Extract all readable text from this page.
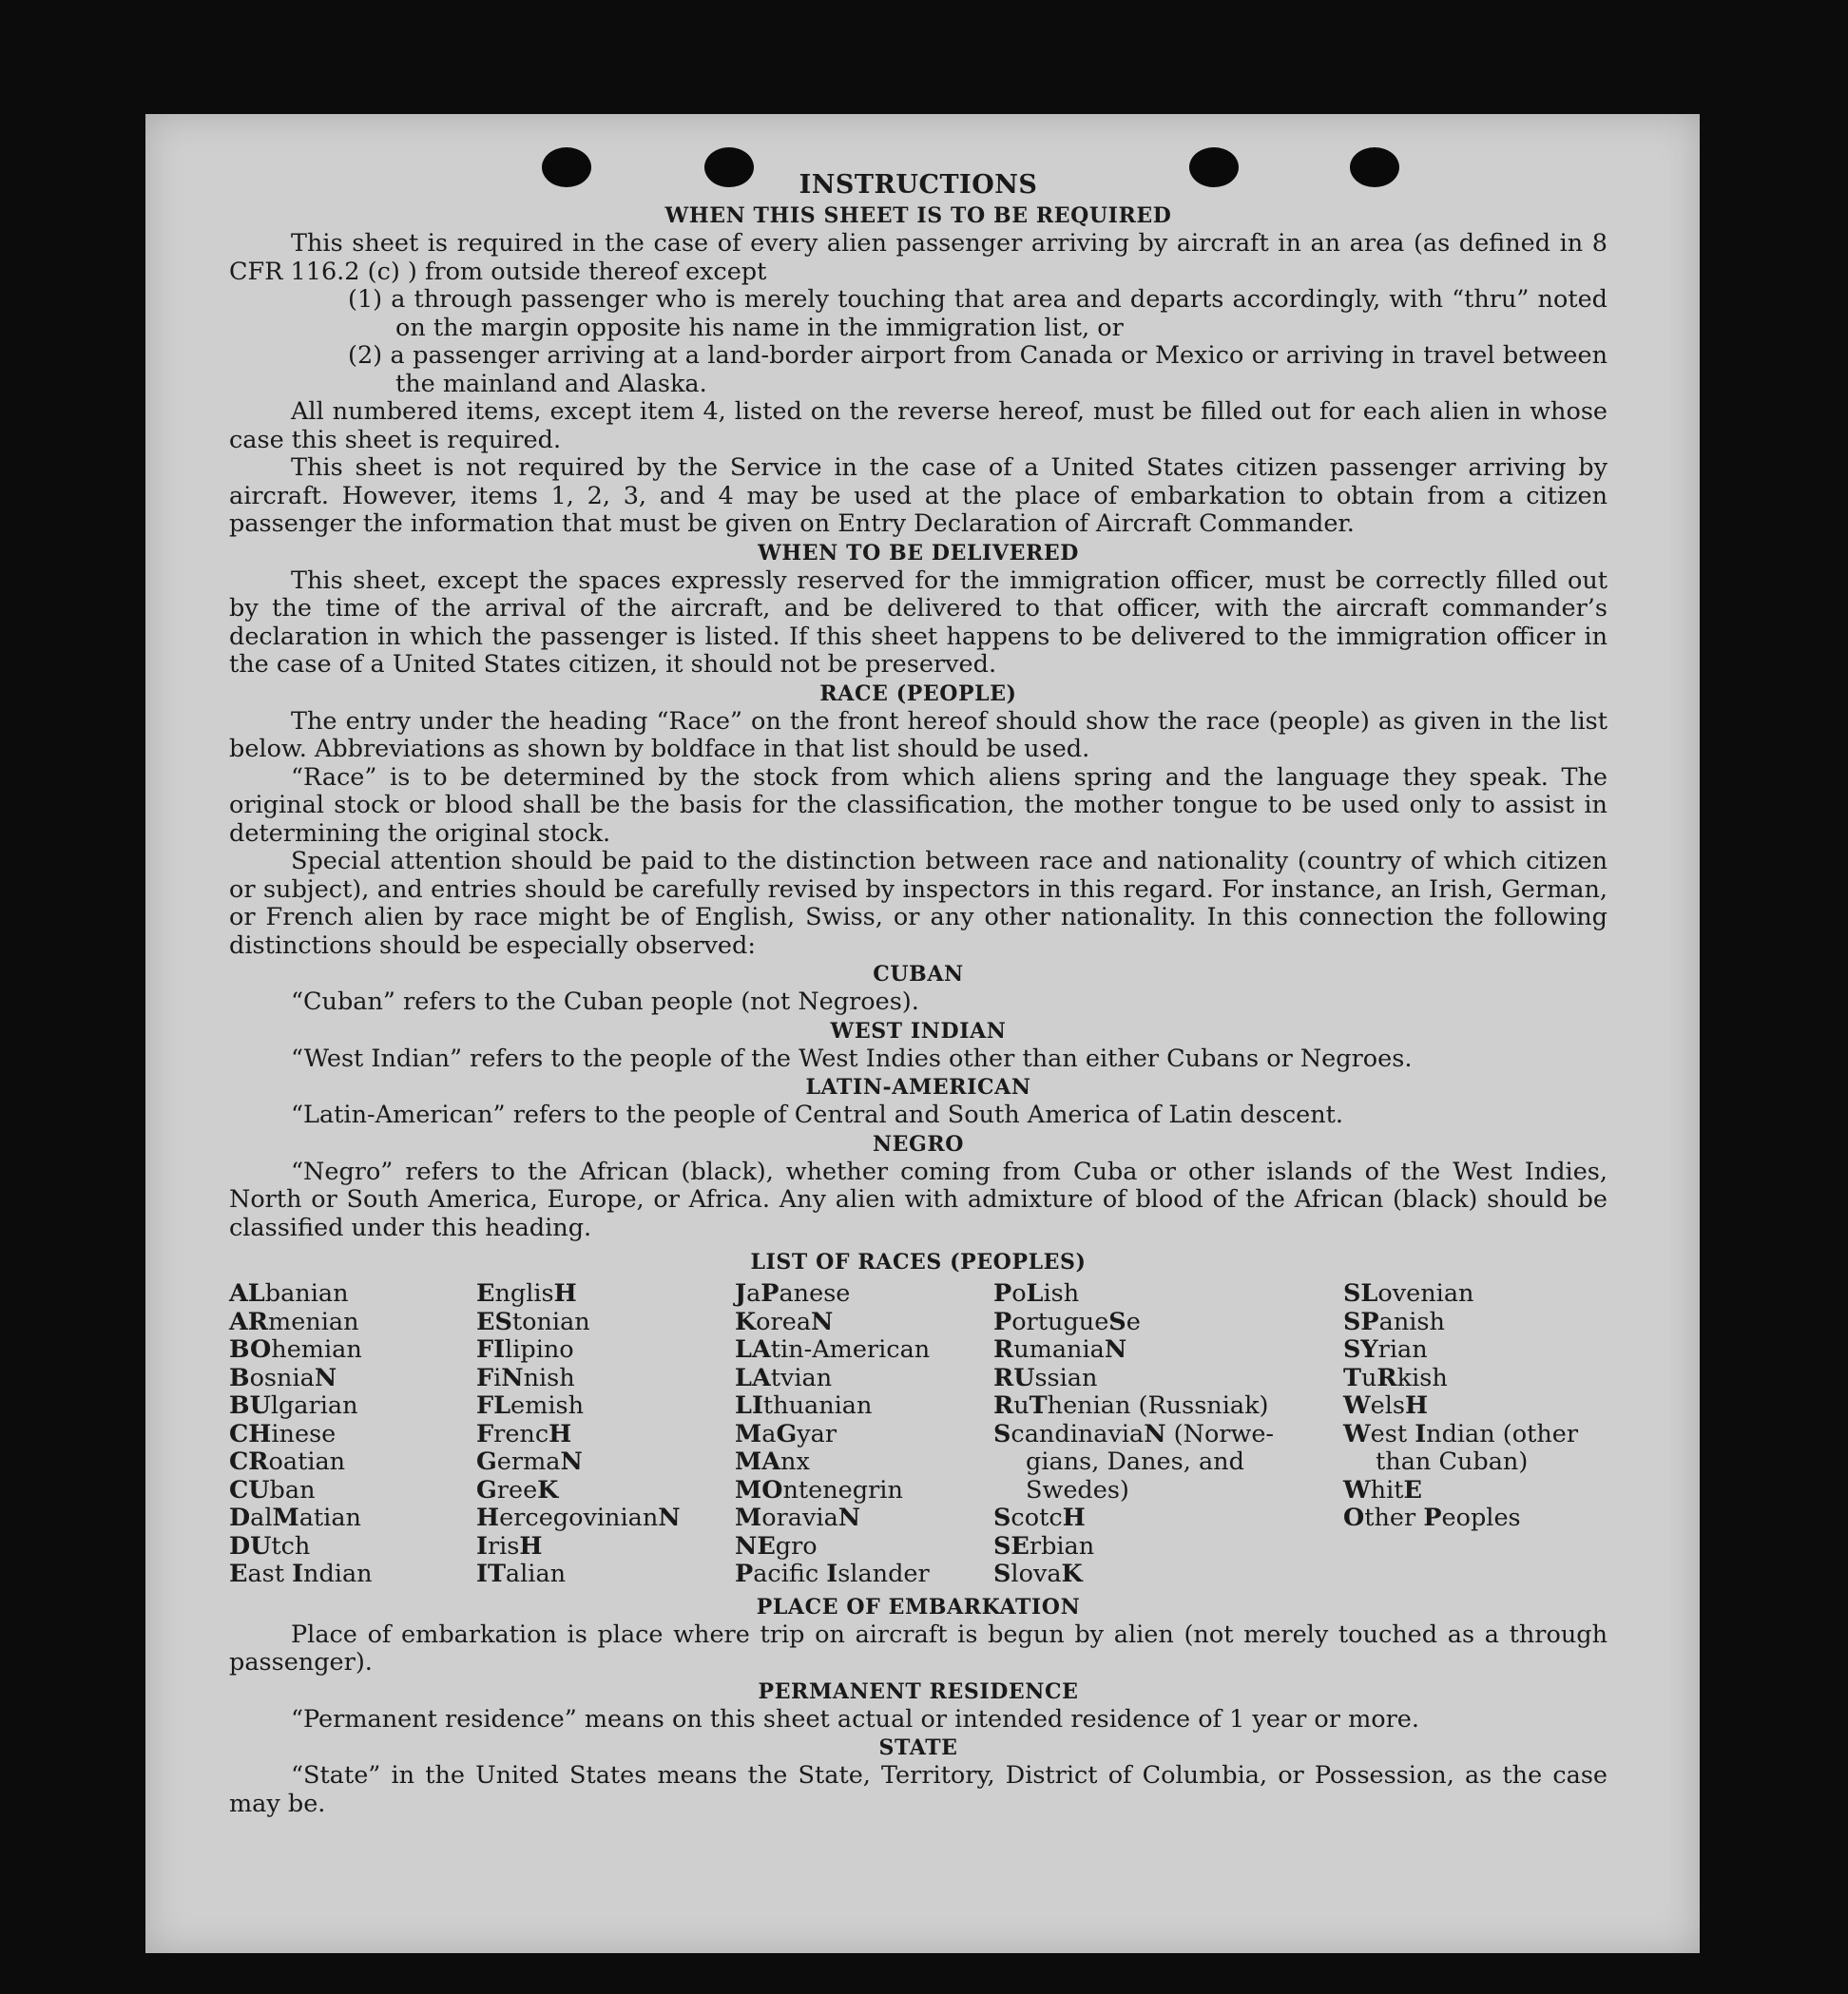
INSTRUCTIONS
WHEN THIS SHEET IS TO BE REQUIRED
This sheet is required in the case of every alien passenger arriving by aircraft in an area (as defined in 8 CFR 116.2 (c) ) from outside thereof except
(1) a through passenger who is merely touching that area and departs accordingly, with “thru” noted on the margin opposite his name in the immigration list, or
(2) a passenger arriving at a land-border airport from Canada or Mexico or arriving in travel between the mainland and Alaska.
All numbered items, except item 4, listed on the reverse hereof, must be filled out for each alien in whose case this sheet is required.
This sheet is not required by the Service in the case of a United States citizen passenger arriving by aircraft. However, items 1, 2, 3, and 4 may be used at the place of embarkation to obtain from a citizen passenger the information that must be given on Entry Declaration of Aircraft Commander.
WHEN TO BE DELIVERED
This sheet, except the spaces expressly reserved for the immigration officer, must be correctly filled out by the time of the arrival of the aircraft, and be delivered to that officer, with the aircraft commander’s declaration in which the passenger is listed. If this sheet happens to be delivered to the immigration officer in the case of a United States citizen, it should not be preserved.
RACE (PEOPLE)
The entry under the heading “Race” on the front hereof should show the race (people) as given in the list below. Abbreviations as shown by boldface in that list should be used.
“Race” is to be determined by the stock from which aliens spring and the language they speak. The original stock or blood shall be the basis for the classification, the mother tongue to be used only to assist in determining the original stock.
Special attention should be paid to the distinction between race and nationality (country of which citizen or subject), and entries should be carefully revised by inspectors in this regard. For instance, an Irish, German, or French alien by race might be of English, Swiss, or any other nationality. In this connection the following distinctions should be especially observed:
CUBAN
“Cuban” refers to the Cuban people (not Negroes).
WEST INDIAN
“West Indian” refers to the people of the West Indies other than either Cubans or Negroes.
LATIN-AMERICAN
“Latin-American” refers to the people of Central and South America of Latin descent.
NEGRO
“Negro” refers to the African (black), whether coming from Cuba or other islands of the West Indies, North or South America, Europe, or Africa. Any alien with admixture of blood of the African (black) should be classified under this heading.
LIST OF RACES (PEOPLES)
ALbanian
ARmenian
BOhemian
BosniaN
BUlgarian
CHinese
CRoatian
CUban
DalMatian
DUtch
East Indian
EnglisH
EStonian
FIlipino
FiNnish
FLemish
FrencH
GermaN
GreeK
HercegovinianN
IrisH
ITalian
JaPanese
KoreaN
LAtin-American
LAtvian
LIthuanian
MaGyar
MAnx
MOntenegrin
MoraviaN
NEgro
Pacifc Islander
PoLish
PortugueSe
RumaniaN
RUssian
RuThenian (Russniak)
ScandinaviaN (Norwe-
gians, Danes, and
Swedes)
ScotcH
SErbian
SlovaK
SLovenian
SPanish
SYrian
TuRkish
WelsH
West Indian (other
than Cuban)
WhitE
Other Peoples
PLACE OF EMBARKATION
Place of embarkation is place where trip on aircraft is begun by alien (not merely touched as a through passenger).
PERMANENT RESIDENCE
“Permanent residence” means on this sheet actual or intended residence of 1 year or more.
STATE
“State” in the United States means the State, Territory, District of Columbia, or Possession, as the case may be.
